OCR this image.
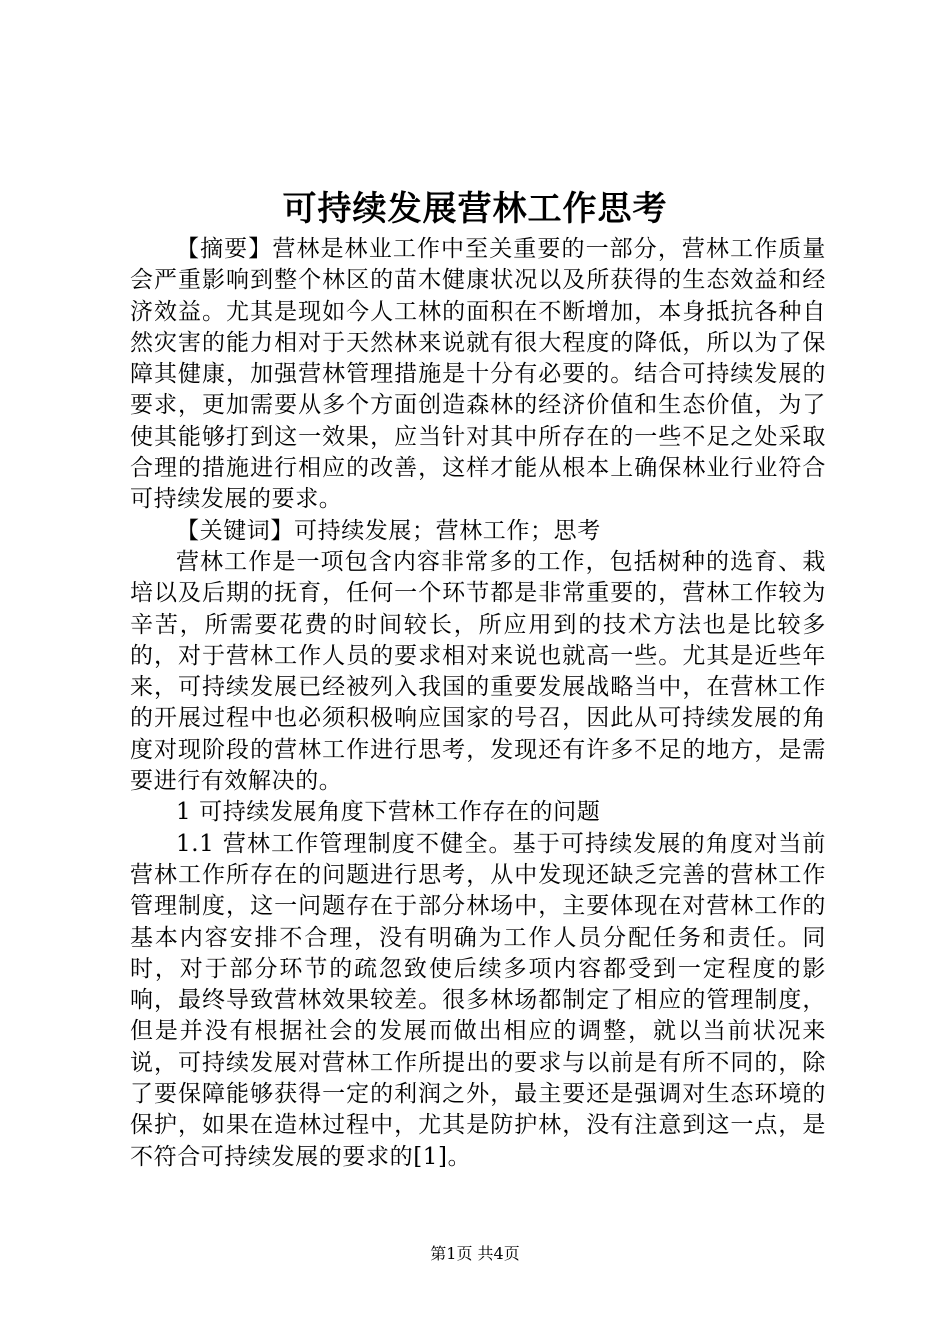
可持续发展营林工作思考

【摘要】营林是林业工作中至关重要的一部分，营林工作质量会严重影响到整个林区的苗木健康状况以及所获得的生态效益和经济效益。尤其是现如今人工林的面积在不断增加，本身抵抗各种自然灾害的能力相对于天然林来说就有很大程度的降低，所以为了保障其健康，加强营林管理措施是十分有必要的。结合可持续发展的要求，更加需要从多个方面创造森林的经济价值和生态价值，为了使其能够打到这一效果，应当针对其中所存在的一些不足之处采取合理的措施进行相应的改善，这样才能从根本上确保林业行业符合可持续发展的要求。

【关键词】可持续发展；营林工作；思考

营林工作是一项包含内容非常多的工作，包括树种的选育、栽培以及后期的抚育，任何一个环节都是非常重要的，营林工作较为辛苦，所需要花费的时间较长，所应用到的技术方法也是比较多的，对于营林工作人员的要求相对来说也就高一些。尤其是近些年来，可持续发展已经被列入我国的重要发展战略当中，在营林工作的开展过程中也必须积极响应国家的号召，因此从可持续发展的角度对现阶段的营林工作进行思考，发现还有许多不足的地方，是需要进行有效解决的。

1 可持续发展角度下营林工作存在的问题

1.1 营林工作管理制度不健全。基于可持续发展的角度对当前营林工作所存在的问题进行思考，从中发现还缺乏完善的营林工作管理制度，这一问题存在于部分林场中，主要体现在对营林工作的基本内容安排不合理，没有明确为工作人员分配任务和责任。同时，对于部分环节的疏忽致使后续多项内容都受到一定程度的影响，最终导致营林效果较差。很多林场都制定了相应的管理制度，但是并没有根据社会的发展而做出相应的调整，就以当前状况来说，可持续发展对营林工作所提出的要求与以前是有所不同的，除了要保障能够获得一定的利润之外，最主要还是强调对生态环境的保护，如果在造林过程中，尤其是防护林，没有注意到这一点，是不符合可持续发展的要求的[1]。

第1页 共4页
